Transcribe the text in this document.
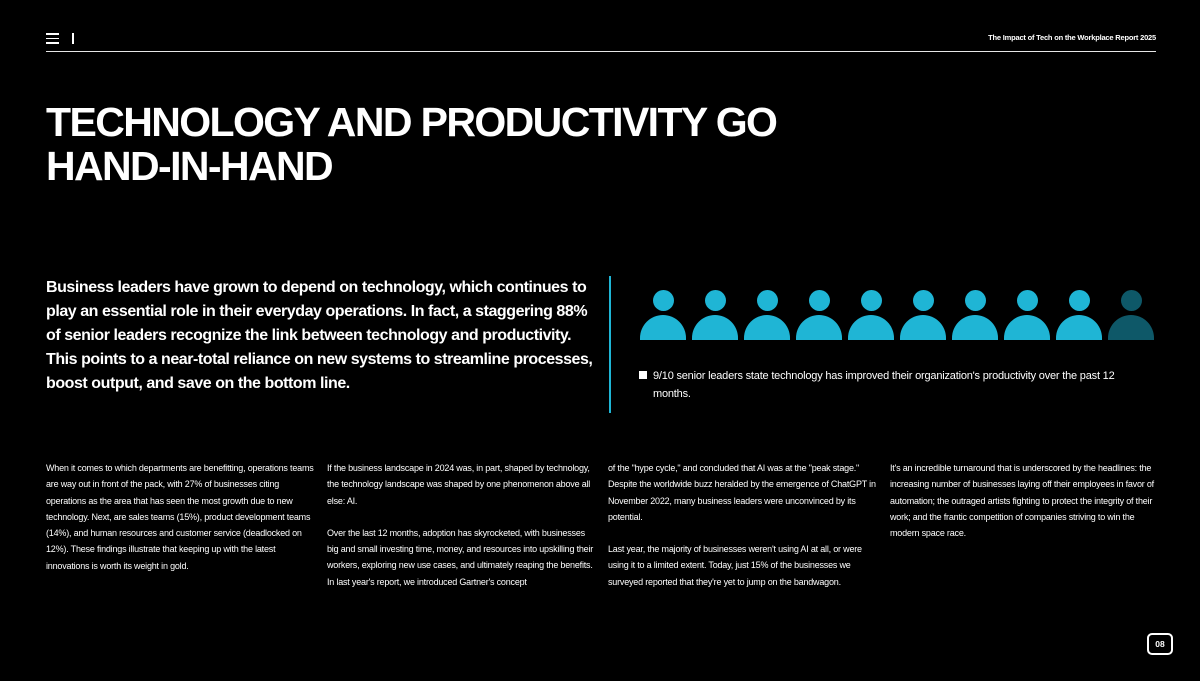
The Impact of Tech on the Workplace Report 2025
TECHNOLOGY AND PRODUCTIVITY GO
HAND-IN-HAND
Business leaders have grown to depend on technology, which continues to play an essential role in their everyday operations. In fact, a staggering 88% of senior leaders recognize the link between technology and productivity. This points to a near-total reliance on new systems to streamline processes, boost output, and save on the bottom line.	9/10 senior leaders state technology has improved their organization's productivity over the past 12 months.

When it comes to which departments are benefitting, operations teams are way out in front of the pack, with 27% of businesses citing operations as the area that has seen the most growth due to new technology. Next, are sales teams (15%), product development teams (14%), and human resources and customer service (deadlocked on 12%). These findings illustrate that keeping up with the latest innovations is worth its weight in gold.

If the business landscape in 2024 was, in part, shaped by technology, the technology landscape was shaped by one phenomenon above all else: AI.

Over the last 12 months, adoption has skyrocketed, with businesses big and small investing time, money, and resources into upskilling their workers, exploring new use cases, and ultimately reaping the benefits. In last year's report, we introduced Gartner's concept

of the "hype cycle," and concluded that AI was at the "peak stage." Despite the worldwide buzz heralded by the emergence of ChatGPT in November 2022, many business leaders were unconvinced by its potential.

Last year, the majority of businesses weren't using AI at all, or were using it to a limited extent. Today, just 15% of the businesses we surveyed reported that they're yet to jump on the bandwagon.

It's an incredible turnaround that is underscored by the headlines: the increasing number of businesses laying off their employees in favor of automation; the outraged artists fighting to protect the integrity of their work; and the frantic competition of companies striving to win the modern space race.

08
